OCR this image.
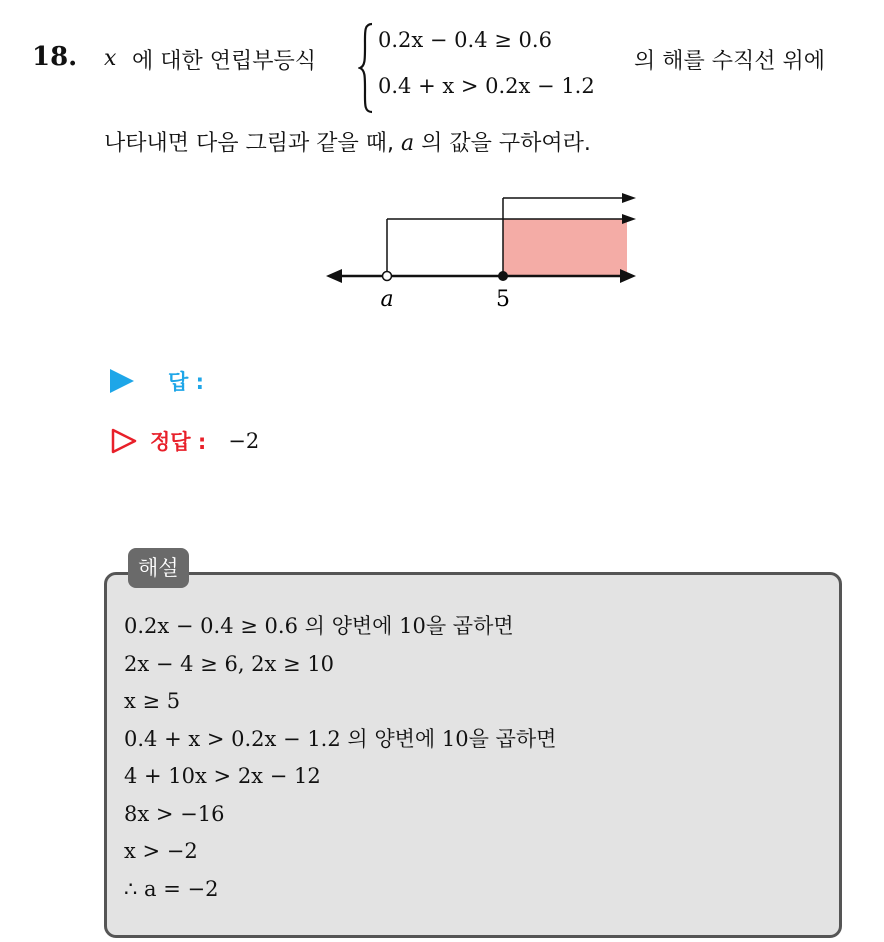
18. x 에 대한 연립부등식
0.2x − 0.4 ≥ 0.6
0.4 + x > 0.2x − 1.2
의 해를 수직선 위에
나타내면 다음 그림과 같을 때, a 의 값을 구하여라.
a	5
답 :
정답 : −2
해설
0.2x − 0.4 ≥ 0.6 의 양변에 10을 곱하면
2x − 4 ≥ 6, 2x ≥ 10
x ≥ 5
0.4 + x > 0.2x − 1.2 의 양변에 10을 곱하면
4 + 10x > 2x − 12
8x > −16
x > −2
∴ a = −2
